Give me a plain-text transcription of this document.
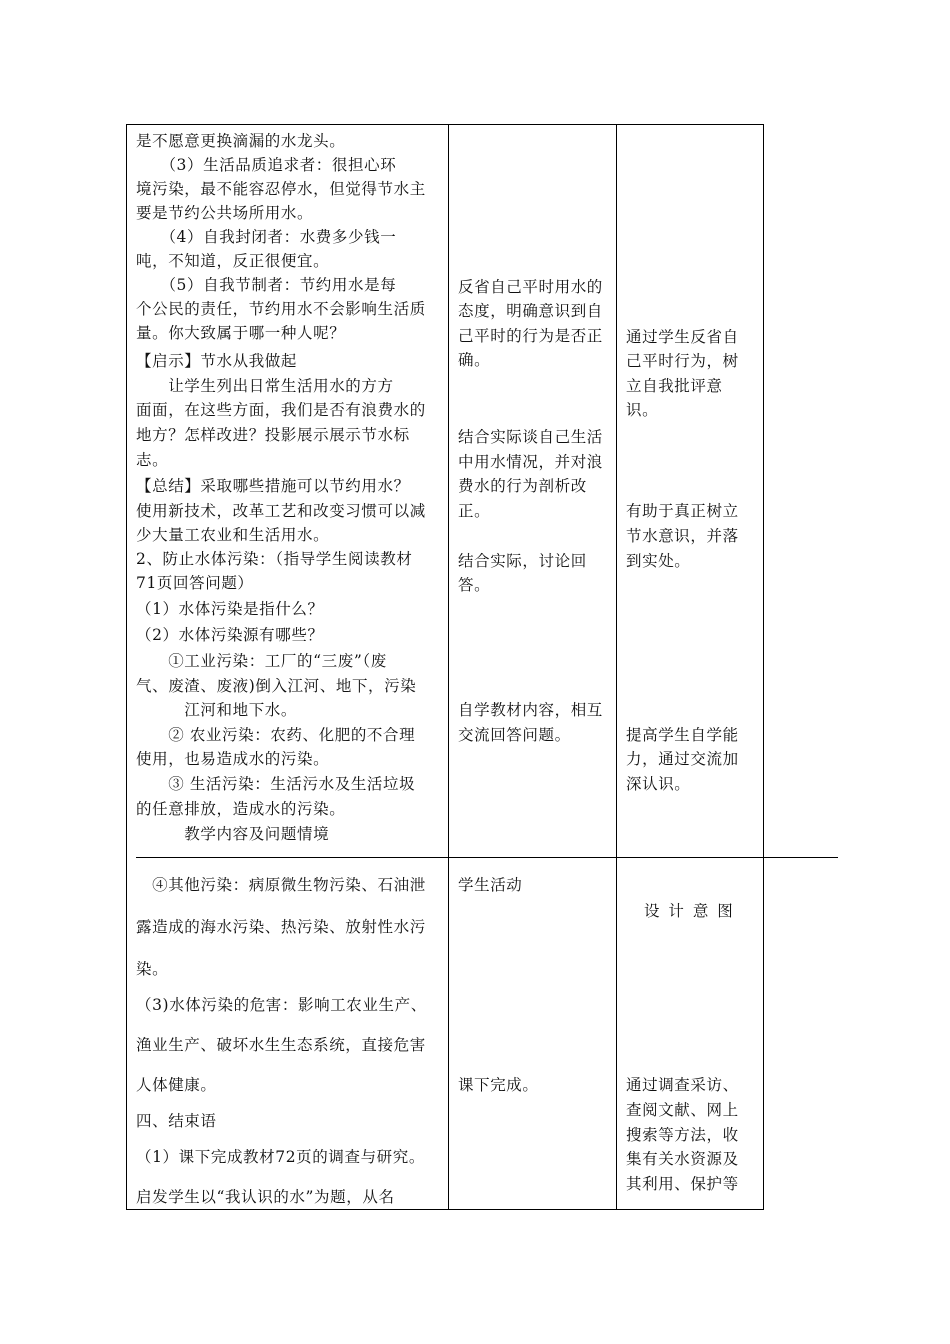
是不愿意更换滴漏的水龙头。
　　（3）生活品质追求者：很担心环
境污染，最不能容忍停水，但觉得节水主
要是节约公共场所用水。
　　（4）自我封闭者：水费多少钱一
吨，不知道，反正很便宜。
　　（5）自我节制者：节约用水是每
个公民的责任，节约用水不会影响生活质
量。你大致属于哪一种人呢？
【启示】节水从我做起
　　让学生列出日常生活用水的方方
面面，在这些方面，我们是否有浪费水的
地方？怎样改进？投影展示展示节水标
志。
【总结】采取哪些措施可以节约用水？
使用新技术，改革工艺和改变习惯可以减
少大量工农业和生活用水。
2、防止水体污染：（指导学生阅读教材
71页回答问题）
（1）水体污染是指什么？
（2）水体污染源有哪些？
　　①工业污染：工厂的“三废”（废
气、废渣、废液)倒入江河、地下，污染
　　　江河和地下水。
　　② 农业污染：农药、化肥的不合理
使用，也易造成水的污染。
　　③ 生活污染：生活污水及生活垃圾
的任意排放，造成水的污染。
　　　教学内容及问题情境
反省自己平时用水的
态度，明确意识到自
己平时的行为是否正
确。
结合实际谈自己生活
中用水情况，并对浪
费水的行为剖析改
正。
结合实际，讨论回
答。
自学教材内容，相互
交流回答问题。
通过学生反省自
己平时行为，树
立自我批评意
识。
有助于真正树立
节水意识，并落
到实处。
提高学生自学能
力，通过交流加
深认识。
　④其他污染：病原微生物污染、石油泄
露造成的海水污染、热污染、放射性水污
染。
（3)水体污染的危害：影响工农业生产、
渔业生产、破坏水生生态系统，直接危害
人体健康。
四、结束语
（1）课下完成教材72页的调查与研究。
启发学生以“我认识的水”为题，从名
学生活动
课下完成。
设 计 意 图
通过调查采访、
查阅文献、网上
搜索等方法，收
集有关水资源及
其利用、保护等
